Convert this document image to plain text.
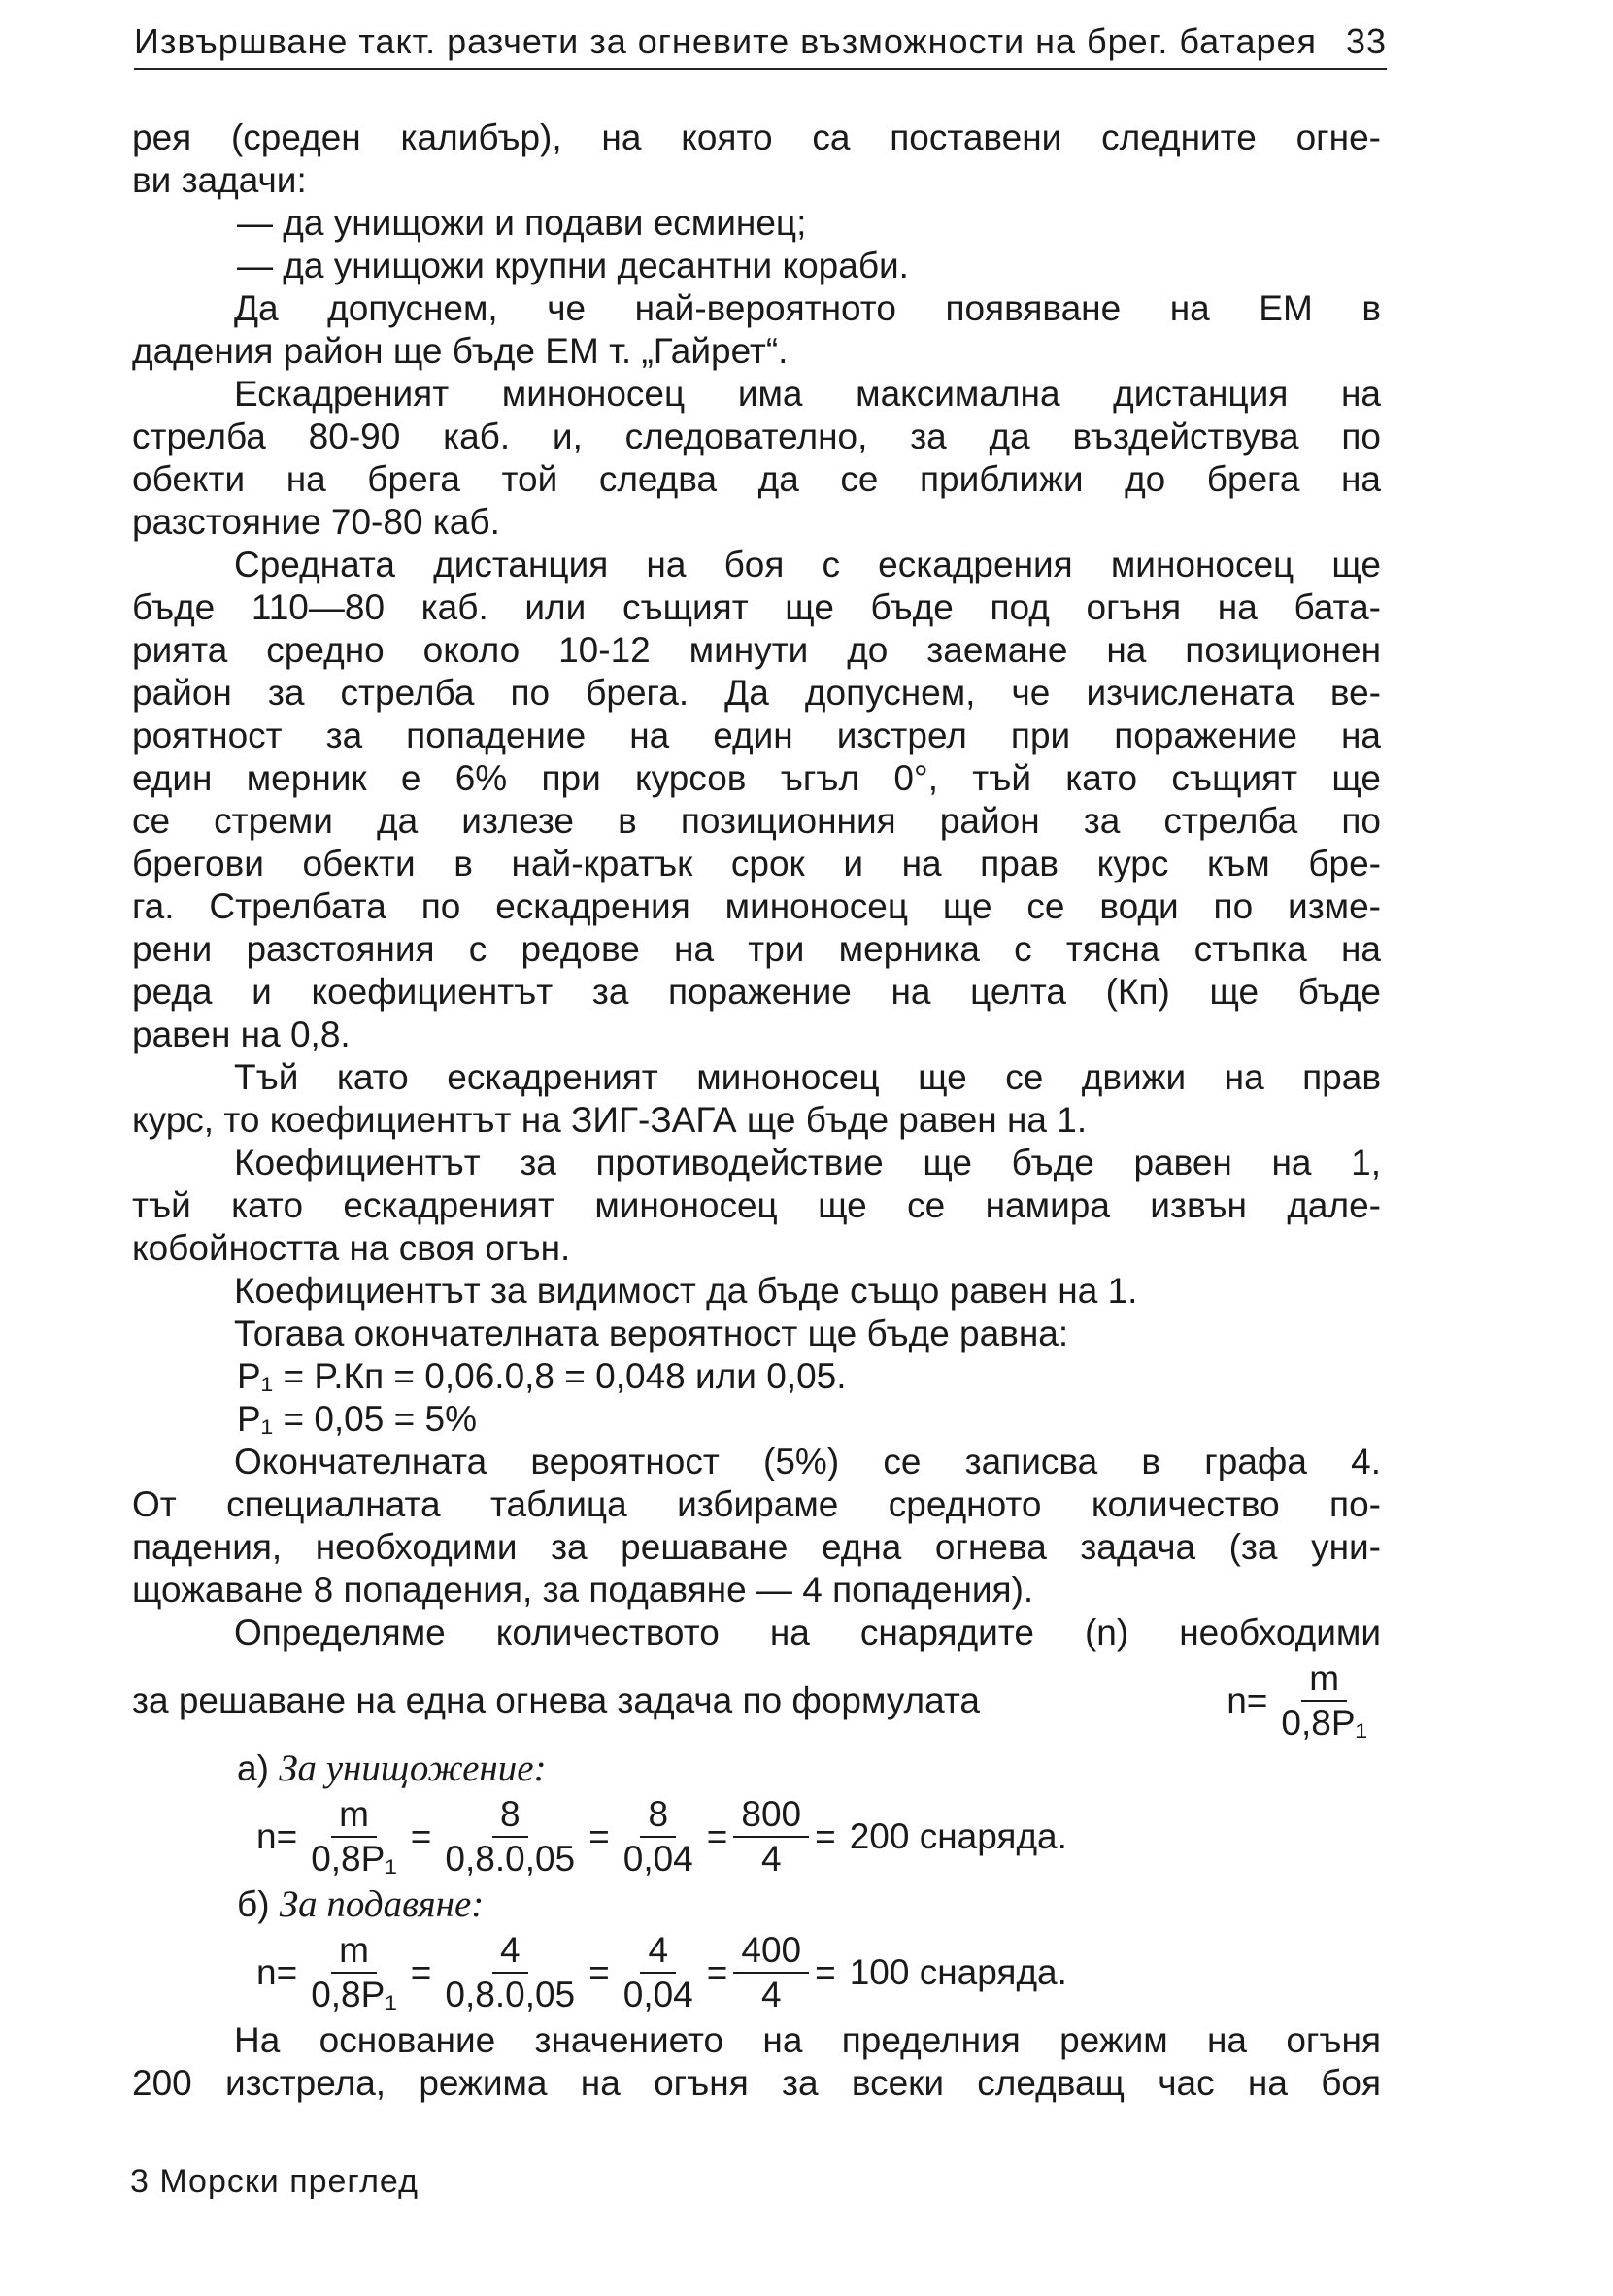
Извършване такт. разчети за огневите възможности на брег. батарея 33
рея (среден калибър), на която са поставени следните огне-
ви задачи:
— да унищожи и подави есминец;
— да унищожи крупни десантни кораби.
Да допуснем, че най-вероятното появяване на ЕМ в
дадения район ще бъде ЕМ т. „Гайрет“.
Ескадреният миноносец има максимална дистанция на
стрелба 80-90 каб. и, следователно, за да въздействува по
обекти на брега той следва да се приближи до брега на
разстояние 70-80 каб.
Средната дистанция на боя с ескадрения миноносец ще
бъде 110—80 каб. или същият ще бъде под огъня на бата-
рията средно около 10-12 минути до заемане на позиционен
район за стрелба по брега. Да допуснем, че изчислената ве-
роятност за попадение на един изстрел при поражение на
един мерник е 6% при курсов ъгъл 0°, тъй като същият ще
се стреми да излезе в позиционния район за стрелба по
брегови обекти в най-кратък срок и на прав курс към бре-
га. Стрелбата по ескадрения миноносец ще се води по изме-
рени разстояния с редове на три мерника с тясна стъпка на
реда и коефициентът за поражение на целта (Кп) ще бъде
равен на 0,8.
Тъй като ескадреният миноносец ще се движи на прав
курс, то коефициентът на ЗИГ-ЗАГА ще бъде равен на 1.
Коефициентът за противодействие ще бъде равен на 1,
тъй като ескадреният миноносец ще се намира извън дале-
кобойността на своя огън.
Коефициентът за видимост да бъде също равен на 1.
Тогава окончателната вероятност ще бъде равна:
P₁ = P.Кп = 0,06.0,8 = 0,048 или 0,05.
P₁ = 0,05 = 5%
Окончателната вероятност (5%) се записва в графа 4.
От специалната таблица избираме средното количество по-
падения, необходими за решаване една огнева задача (за уни-
щожаване 8 попадения, за подавяне — 4 попадения).
Определяме количеството на снарядите (n) необходими
за решаване на една огнева задача по формулата	$n= \frac{m}{\text{0,8P₁}}$
а) За унищожение:
$n= \frac{m}{\text{0,8P₁}} = \frac{8}{0,8.0,05} = \frac{8}{0,04} = \frac{800}{4} = 200$ снаряда.
б) За подавяне:
$n= \frac{m}{\text{0,8P₁}} = \frac{4}{0,8.0,05} = \frac{4}{0,04} = \frac{400}{4} = 100$ снаряда.
На основание значението на пределния режим на огъня
200 изстрела, режима на огъня за всеки следващ час на боя
3 Морски преглед
